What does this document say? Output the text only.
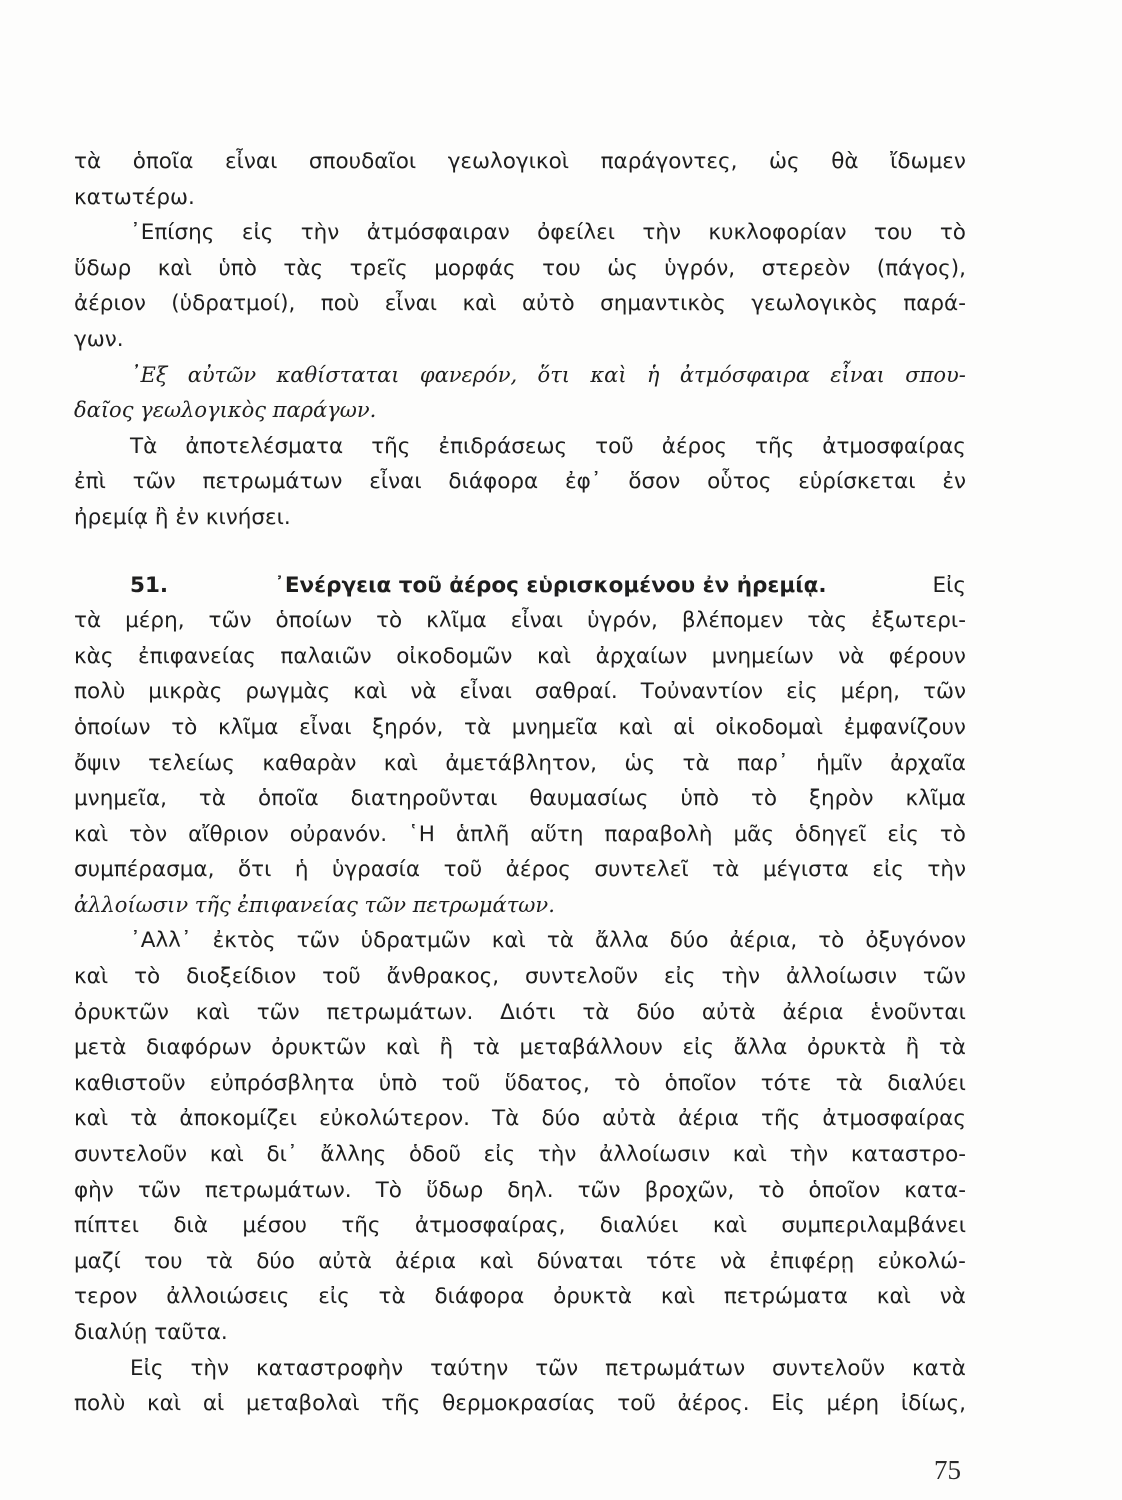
τὰ ὁποῖα εἶναι σπουδαῖοι γεωλογικοὶ παράγοντες, ὡς θὰ ἴδωμεν
κατωτέρω.
᾿Επίσης εἰς τὴν ἀτμόσφαιραν ὀφείλει τὴν κυκλοφορίαν του τὸ
ὕδωρ καὶ ὑπὸ τὰς τρεῖς μορφάς του ὡς ὑγρόν, στερεὸν (πάγος),
ἀέριον (ὑδρατμοί), ποὺ εἶναι καὶ αὐτὸ σημαντικὸς γεωλογικὸς παρά-
γων.
᾿Εξ αὐτῶν καθίσταται φανερόν, ὅτι καὶ ἡ ἀτμόσφαιρα εἶναι σπου-
δαῖος γεωλογικὸς παράγων.
Τὰ ἀποτελέσματα τῆς ἐπιδράσεως τοῦ ἀέρος τῆς ἀτμοσφαίρας
ἐπὶ τῶν πετρωμάτων εἶναι διάφορα ἐφ᾿ ὅσον οὗτος εὑρίσκεται ἐν
ἠρεμίᾳ ἢ ἐν κινήσει.
51.	᾿Ενέργεια τοῦ ἀέρος εὑρισκομένου ἐν ἠρεμίᾳ.	Εἰς
τὰ μέρη, τῶν ὁποίων τὸ κλῖμα εἶναι ὑγρόν, βλέπομεν τὰς ἐξωτερι-
κὰς ἐπιφανείας παλαιῶν οἰκοδομῶν καὶ ἀρχαίων μνημείων νὰ φέρουν
πολὺ μικρὰς ρωγμὰς καὶ νὰ εἶναι σαθραί. Τοὐναντίον εἰς μέρη, τῶν
ὁποίων τὸ κλῖμα εἶναι ξηρόν, τὰ μνημεῖα καὶ αἱ οἰκοδομαὶ ἐμφανίζουν
ὄψιν τελείως καθαρὰν καὶ ἀμετάβλητον, ὡς τὰ παρ᾿ ἡμῖν ἀρχαῖα
μνημεῖα, τὰ ὁποῖα διατηροῦνται θαυμασίως ὑπὸ τὸ ξηρὸν κλῖμα
καὶ τὸν αἴθριον οὐρανόν. ῾Η ἁπλῆ αὕτη παραβολὴ μᾶς ὁδηγεῖ εἰς τὸ
συμπέρασμα, ὅτι ἡ ὑγρασία τοῦ ἀέρος συντελεῖ τὰ μέγιστα εἰς τὴν
ἀλλοίωσιν τῆς ἐπιφανείας τῶν πετρωμάτων.
᾿Αλλ᾿ ἐκτὸς τῶν ὑδρατμῶν καὶ τὰ ἄλλα δύο ἀέρια, τὸ ὀξυγόνον
καὶ τὸ διοξείδιον τοῦ ἄνθρακος, συντελοῦν εἰς τὴν ἀλλοίωσιν τῶν
ὀρυκτῶν καὶ τῶν πετρωμάτων. Διότι τὰ δύο αὐτὰ ἀέρια ἑνοῦνται
μετὰ διαφόρων ὀρυκτῶν καὶ ἢ τὰ μεταβάλλουν εἰς ἄλλα ὀρυκτὰ ἢ τὰ
καθιστοῦν εὐπρόσβλητα ὑπὸ τοῦ ὕδατος, τὸ ὁποῖον τότε τὰ διαλύει
καὶ τὰ ἀποκομίζει εὐκολώτερον. Τὰ δύο αὐτὰ ἀέρια τῆς ἀτμοσφαίρας
συντελοῦν καὶ δι᾿ ἄλλης ὁδοῦ εἰς τὴν ἀλλοίωσιν καὶ τὴν καταστρο-
φὴν τῶν πετρωμάτων. Τὸ ὕδωρ δηλ. τῶν βροχῶν, τὸ ὁποῖον κατα-
πίπτει διὰ μέσου τῆς ἀτμοσφαίρας, διαλύει καὶ συμπεριλαμβάνει
μαζί του τὰ δύο αὐτὰ ἀέρια καὶ δύναται τότε νὰ ἐπιφέρῃ εὐκολώ-
τερον ἀλλοιώσεις εἰς τὰ διάφορα ὀρυκτὰ καὶ πετρώματα καὶ νὰ
διαλύῃ ταῦτα.
Εἰς τὴν καταστροφὴν ταύτην τῶν πετρωμάτων συντελοῦν κατὰ
πολὺ καὶ αἱ μεταβολαὶ τῆς θερμοκρασίας τοῦ ἀέρος. Εἰς μέρη ἰδίως,
75
